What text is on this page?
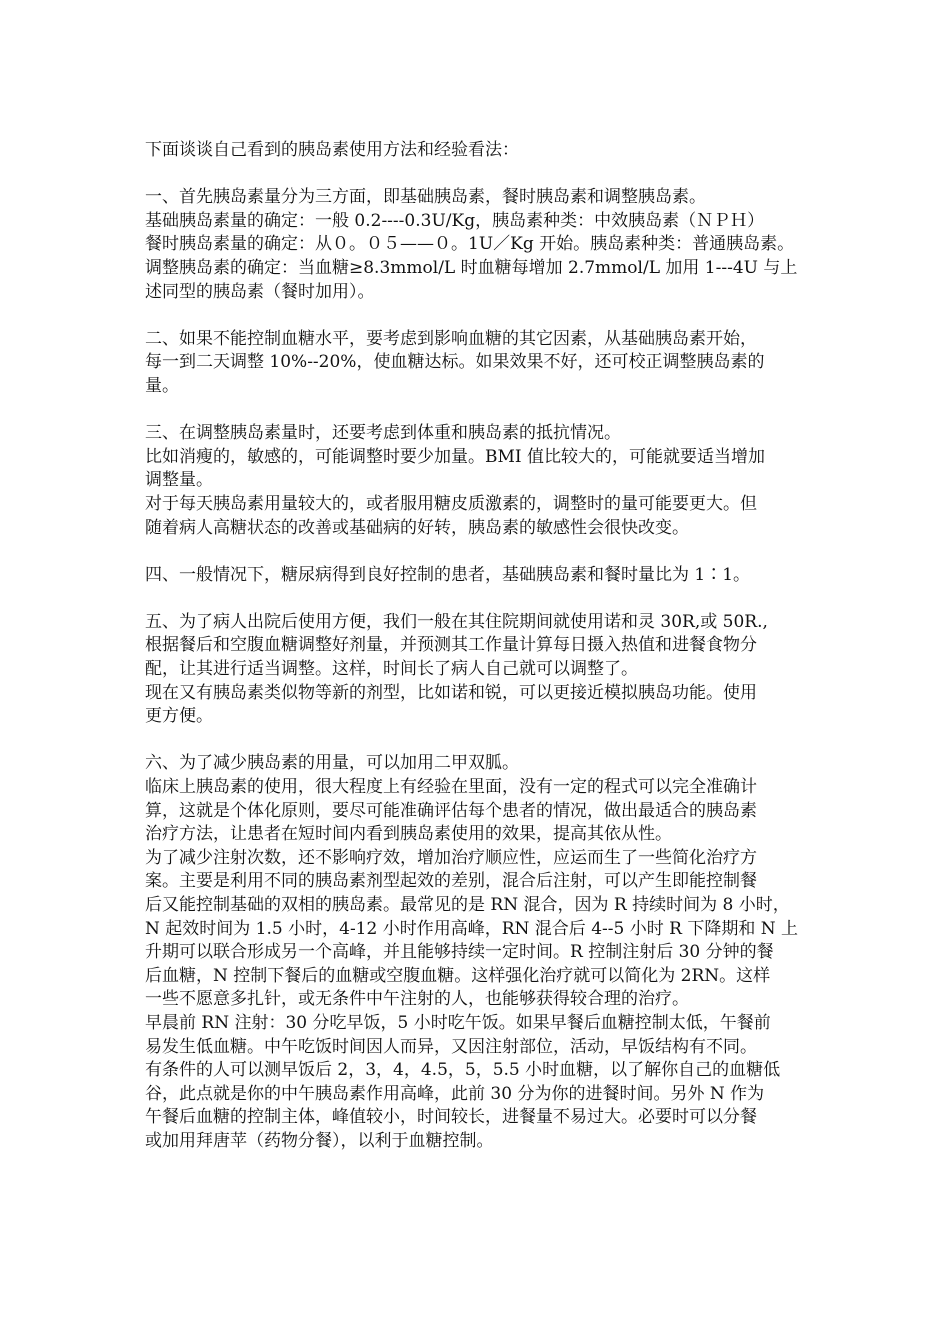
下面谈谈自己看到的胰岛素使用方法和经验看法：
一、首先胰岛素量分为三方面，即基础胰岛素，餐时胰岛素和调整胰岛素。
基础胰岛素量的确定：一般 0.2----0.3U/Kg，胰岛素种类：中效胰岛素（ＮＰＨ）
餐时胰岛素量的确定：从０。０５——０。1U／Kg 开始。胰岛素种类：普通胰岛素。
调整胰岛素的确定：当血糖≥8.3mmol/L 时血糖每增加 2.7mmol/L 加用 1---4U 与上
述同型的胰岛素（餐时加用）。
二、如果不能控制血糖水平，要考虑到影响血糖的其它因素，从基础胰岛素开始，
每一到二天调整 10%--20%，使血糖达标。如果效果不好，还可校正调整胰岛素的
量。
三、在调整胰岛素量时，还要考虑到体重和胰岛素的抵抗情况。
比如消瘦的，敏感的，可能调整时要少加量。BMI 值比较大的，可能就要适当增加
调整量。
对于每天胰岛素用量较大的，或者服用糖皮质激素的，调整时的量可能要更大。但
随着病人高糖状态的改善或基础病的好转，胰岛素的敏感性会很快改变。
四、一般情况下，糖尿病得到良好控制的患者，基础胰岛素和餐时量比为 1∶1。
五、为了病人出院后使用方便，我们一般在其住院期间就使用诺和灵 30R,或 50R.,
根据餐后和空腹血糖调整好剂量，并预测其工作量计算每日摄入热值和进餐食物分
配，让其进行适当调整。这样，时间长了病人自己就可以调整了。
现在又有胰岛素类似物等新的剂型，比如诺和锐，可以更接近模拟胰岛功能。使用
更方便。
六、为了减少胰岛素的用量，可以加用二甲双胍。
临床上胰岛素的使用，很大程度上有经验在里面，没有一定的程式可以完全准确计
算，这就是个体化原则，要尽可能准确评估每个患者的情况，做出最适合的胰岛素
治疗方法，让患者在短时间内看到胰岛素使用的效果，提高其依从性。
为了减少注射次数，还不影响疗效，增加治疗顺应性，应运而生了一些简化治疗方
案。主要是利用不同的胰岛素剂型起效的差别，混合后注射，可以产生即能控制餐
后又能控制基础的双相的胰岛素。最常见的是 RN 混合，因为 R 持续时间为 8 小时，
N 起效时间为 1.5 小时，4-12 小时作用高峰，RN 混合后 4--5 小时 R 下降期和 N 上
升期可以联合形成另一个高峰，并且能够持续一定时间。R 控制注射后 30 分钟的餐
后血糖，N 控制下餐后的血糖或空腹血糖。这样强化治疗就可以简化为 2RN。这样
一些不愿意多扎针，或无条件中午注射的人，也能够获得较合理的治疗。
早晨前 RN 注射：30 分吃早饭，5 小时吃午饭。如果早餐后血糖控制太低，午餐前
易发生低血糖。中午吃饭时间因人而异，又因注射部位，活动，早饭结构有不同。
有条件的人可以测早饭后 2，3，4，4.5，5，5.5 小时血糖，以了解你自己的血糖低
谷，此点就是你的中午胰岛素作用高峰，此前 30 分为你的进餐时间。另外 N 作为
午餐后血糖的控制主体，峰值较小，时间较长，进餐量不易过大。必要时可以分餐
或加用拜唐苹（药物分餐），以利于血糖控制。
